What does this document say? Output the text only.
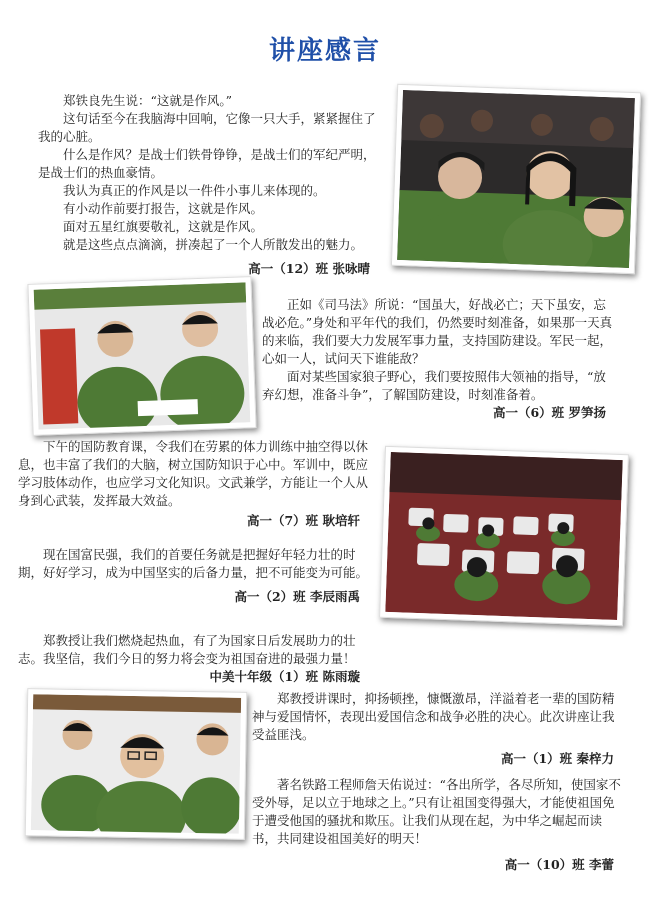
讲座感言

郑铁良先生说：“这就是作风。”

这句话至今在我脑海中回响，它像一只大手，紧紧握住了我的心脏。

什么是作风？是战士们铁骨铮铮，是战士们的军纪严明，是战士们的热血豪情。

我认为真正的作风是以一件件小事儿来体现的。

有小动作前要打报告，这就是作风。

面对五星红旗要敬礼，这就是作风。

就是这些点点滴滴，拼凑起了一个人所散发出的魅力。

高一（12）班 张咏晴

正如《司马法》所说：“国虽大，好战必亡；天下虽安，忘战必危。”身处和平年代的我们，仍然要时刻准备，如果那一天真的来临，我们要大力发展军事力量，支持国防建设。军民一起，心如一人，试问天下谁能敌？

面对某些国家狼子野心，我们要按照伟大领袖的指导，“放弃幻想，准备斗争”，了解国防建设，时刻准备着。

高一（6）班 罗笋扬

下午的国防教育课，令我们在劳累的体力训练中抽空得以休息，也丰富了我们的大脑，树立国防知识于心中。军训中，既应学习肢体动作，也应学习文化知识。文武兼学，方能让一个人从身到心武装，发挥最大效益。

高一（7）班 耿培轩

现在国富民强，我们的首要任务就是把握好年轻力壮的时期，好好学习，成为中国坚实的后备力量，把不可能变为可能。

高一（2）班 李辰雨禹

郑教授让我们燃烧起热血，有了为国家日后发展助力的壮志。我坚信，我们今日的努力将会变为祖国奋进的最强力量！

中美十年级（1）班 陈雨璇

郑教授讲课时，抑扬顿挫，慷慨激昂，洋溢着老一辈的国防精神与爱国情怀，表现出爱国信念和战争必胜的决心。此次讲座让我受益匪浅。

高一（1）班 秦梓力

著名铁路工程师詹天佑说过：“各出所学，各尽所知，使国家不受外辱，足以立于地球之上。”只有让祖国变得强大，才能使祖国免于遭受他国的骚扰和欺压。让我们从现在起，为中华之崛起而读书，共同建设祖国美好的明天！

高一（10）班 李蕾
